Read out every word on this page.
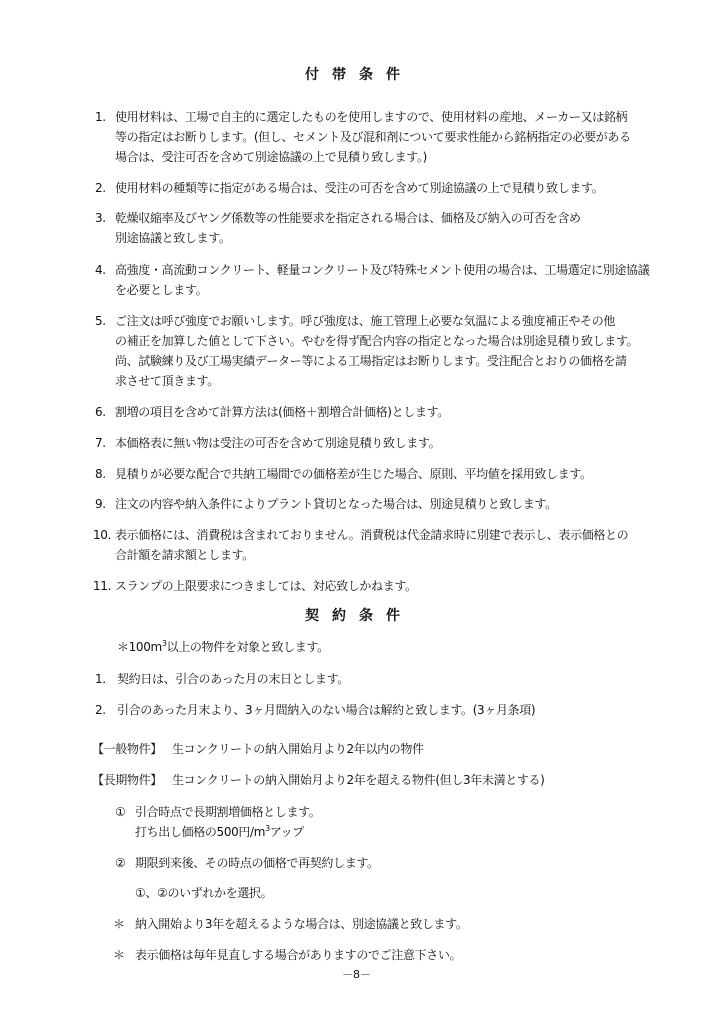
付帯条件
1. 使用材料は、工場で自主的に選定したものを使用しますので、使用材料の産地、メーカー又は銘柄
等の指定はお断りします。(但し、セメント及び混和剤について要求性能から銘柄指定の必要がある
場合は、受注可否を含めて別途協議の上で見積り致します。)
2. 使用材料の種類等に指定がある場合は、受注の可否を含めて別途協議の上で見積り致します。
3. 乾燥収縮率及びヤング係数等の性能要求を指定される場合は、価格及び納入の可否を含め
別途協議と致します。
4. 高強度・高流動コンクリート、軽量コンクリート及び特殊セメント使用の場合は、工場選定に別途協議
を必要とします。
5. ご注文は呼び強度でお願いします。呼び強度は、施工管理上必要な気温による強度補正やその他
の補正を加算した値として下さい。やむを得ず配合内容の指定となった場合は別途見積り致します。
尚、試験練り及び工場実績データー等による工場指定はお断りします。受注配合とおりの価格を請
求させて頂きます。
6. 割増の項目を含めて計算方法は(価格＋割増合計価格)とします。
7. 本価格表に無い物は受注の可否を含めて別途見積り致します。
8. 見積りが必要な配合で共納工場間での価格差が生じた場合、原則、平均値を採用致します。
9. 注文の内容や納入条件によりプラント貸切となった場合は、別途見積りと致します。
10. 表示価格には、消費税は含まれておりません。消費税は代金請求時に別建で表示し、表示価格との
合計額を請求額とします。
11. スランプの上限要求につきましては、対応致しかねます。
契約条件
$*100m^3$以上の物件を対象と致します。
1. 契約日は、引合のあった月の末日とします。
2. 引合のあった月末より、3ヶ月間納入のない場合は解約と致します。(3ヶ月条項)
【一般物件】 生コンクリートの納入開始月より2年以内の物件
【長期物件】 生コンクリートの納入開始月より2年を超える物件(但し3年未満とする)
① 引合時点で長期割増価格とします。
打ち出し価格の500円$/m^3$アップ
② 期限到来後、その時点の価格で再契約します。
①、②のいずれかを選択。
＊ 納入開始より3年を超えるような場合は、別途協議と致します。
＊ 表示価格は毎年見直しする場合がありますのでご注意下さい。
－8－
